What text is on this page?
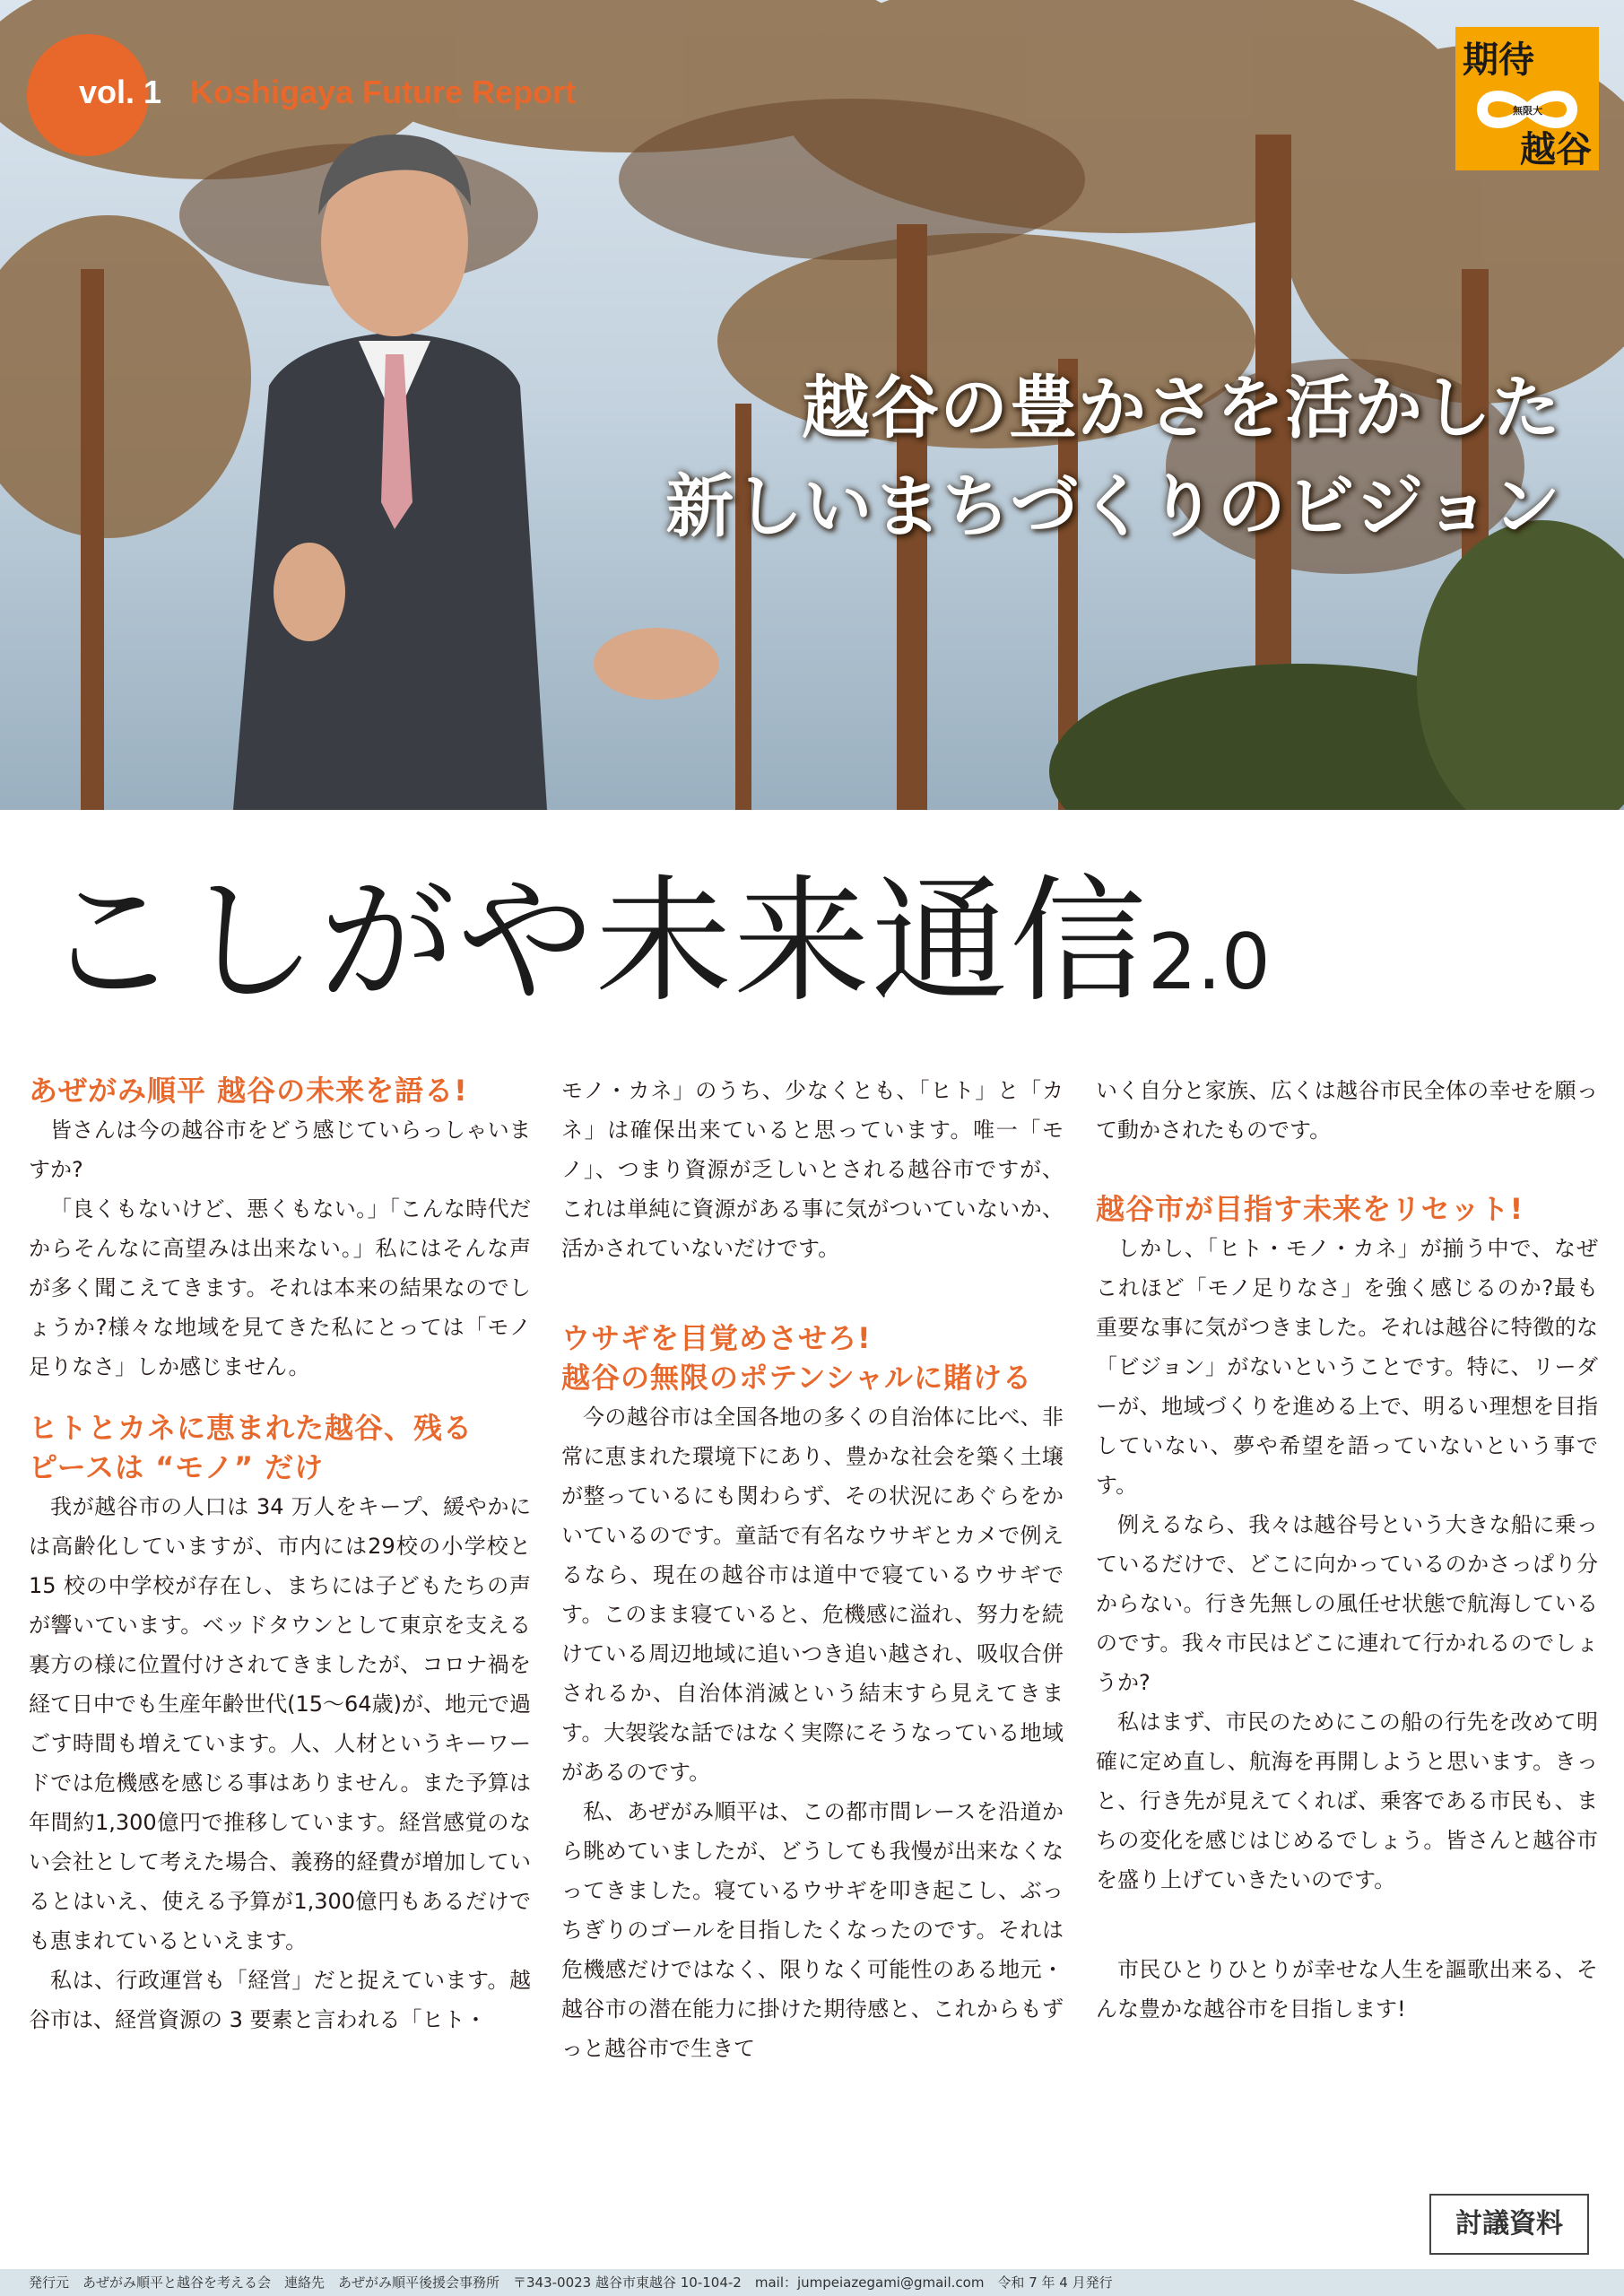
vol. 1 Koshigaya Future Report
期待
無限大
越谷
越谷の豊かさを活かした
新しいまちづくりのビジョン
こしがや未来通信2.0
あぜがみ順平 越谷の未来を語る!

皆さんは今の越谷市をどう感じていらっしゃいますか?

「良くもないけど、悪くもない。」「こんな時代だからそんなに高望みは出来ない。」私にはそんな声が多く聞こえてきます。それは本来の結果なのでしょうか?様々な地域を見てきた私にとっては「モノ足りなさ」しか感じません。

ヒトとカネに恵まれた越谷、残る
ピースは “モノ” だけ

我が越谷市の人口は 34 万人をキープ、緩やかには高齢化していますが、市内には29校の小学校と15 校の中学校が存在し、まちには子どもたちの声が響いています。ベッドタウンとして東京を支える裏方の様に位置付けされてきましたが、コロナ禍を経て日中でも生産年齢世代(15〜64歳)が、地元で過ごす時間も増えています。人、人材というキーワードでは危機感を感じる事はありません。また予算は年間約1,300億円で推移しています。経営感覚のない会社として考えた場合、義務的経費が増加しているとはいえ、使える予算が1,300億円もあるだけでも恵まれているといえます。

私は、行政運営も「経営」だと捉えています。越谷市は、経営資源の 3 要素と言われる「ヒト・

モノ・カネ」のうち、少なくとも、「ヒト」と「カネ」は確保出来ていると思っています。唯一「モノ」、つまり資源が乏しいとされる越谷市ですが、これは単純に資源がある事に気がついていないか、活かされていないだけです。

ウサギを目覚めさせろ!
越谷の無限のポテンシャルに賭ける

今の越谷市は全国各地の多くの自治体に比べ、非常に恵まれた環境下にあり、豊かな社会を築く土壌が整っているにも関わらず、その状況にあぐらをかいているのです。童話で有名なウサギとカメで例えるなら、現在の越谷市は道中で寝ているウサギです。このまま寝ていると、危機感に溢れ、努力を続けている周辺地域に追いつき追い越され、吸収合併されるか、自治体消滅という結末すら見えてきます。大袈裟な話ではなく実際にそうなっている地域があるのです。

私、あぜがみ順平は、この都市間レースを沿道から眺めていましたが、どうしても我慢が出来なくなってきました。寝ているウサギを叩き起こし、ぶっちぎりのゴールを目指したくなったのです。それは危機感だけではなく、限りなく可能性のある地元・越谷市の潜在能力に掛けた期待感と、これからもずっと越谷市で生きて

いく自分と家族、広くは越谷市民全体の幸せを願って動かされたものです。

越谷市が目指す未来をリセット!

しかし、「ヒト・モノ・カネ」が揃う中で、なぜこれほど「モノ足りなさ」を強く感じるのか?最も重要な事に気がつきました。それは越谷に特徴的な「ビジョン」がないということです。特に、リーダーが、地域づくりを進める上で、明るい理想を目指していない、夢や希望を語っていないという事です。

例えるなら、我々は越谷号という大きな船に乗っているだけで、どこに向かっているのかさっぱり分からない。行き先無しの風任せ状態で航海しているのです。我々市民はどこに連れて行かれるのでしょうか?

私はまず、市民のためにこの船の行先を改めて明確に定め直し、航海を再開しようと思います。きっと、行き先が見えてくれば、乗客である市民も、まちの変化を感じはじめるでしょう。皆さんと越谷市を盛り上げていきたいのです。

市民ひとりひとりが幸せな人生を謳歌出来る、そんな豊かな越谷市を目指します!

討議資料
発行元　あぜがみ順平と越谷を考える会　連絡先　あぜがみ順平後援会事務所　〒343-0023 越谷市東越谷 10-104-2　mail：jumpeiazegami@gmail.com　令和 7 年 4 月発行
